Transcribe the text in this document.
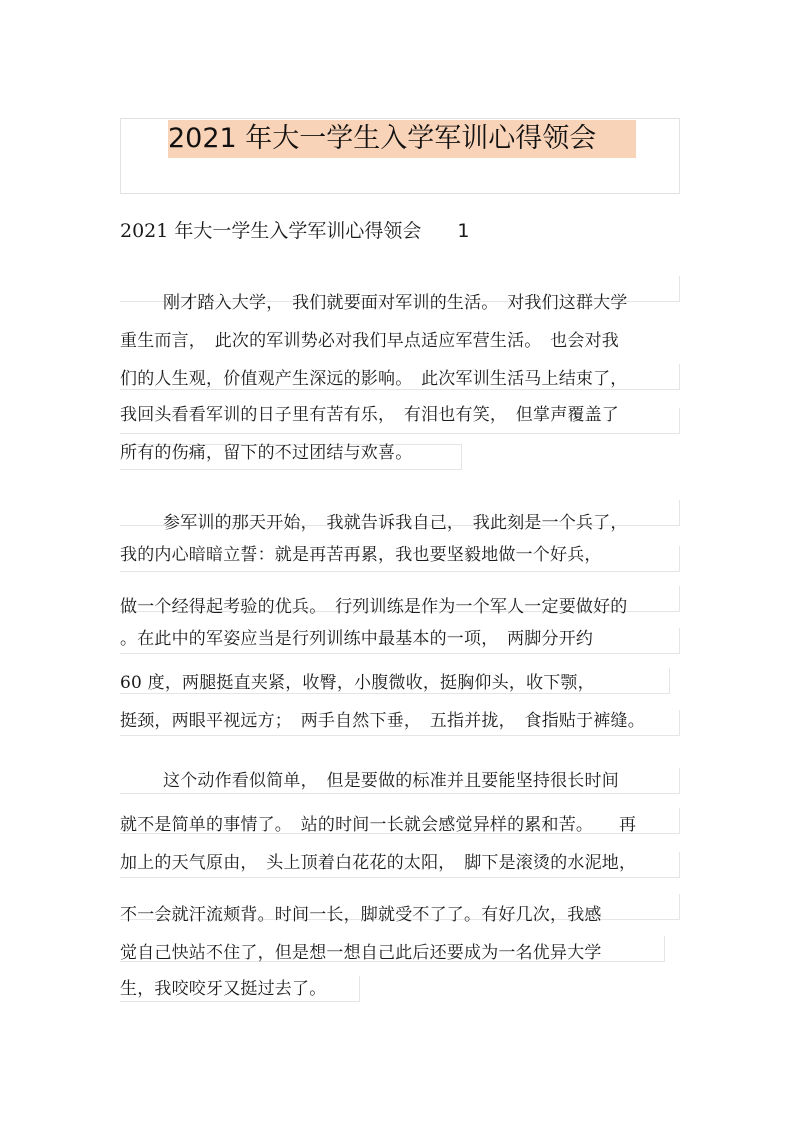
2021 年大一学生入学军训心得领会
2021 年大一学生入学军训心得领会 1
刚才踏入大学，　我们就要面对军训的生活。　对我们这群大学
重生而言，　此次的军训势必对我们早点适应军营生活。　也会对我
们的人生观，价值观产生深远的影响。　此次军训生活马上结束了，
我回头看看军训的日子里有苦有乐，　有泪也有笑，　但掌声覆盖了
所有的伤痛，留下的不过团结与欢喜。
参军训的那天开始，　我就告诉我自己，　我此刻是一个兵了，
我的内心暗暗立誓：就是再苦再累，我也要坚毅地做一个好兵，
做一个经得起考验的优兵。　行列训练是作为一个军人一定要做好的
。在此中的军姿应当是行列训练中最基本的一项，　两脚分开约
60 度，两腿挺直夹紧，收臀，小腹微收，挺胸仰头，收下颚，
挺颈，两眼平视远方；　两手自然下垂，　五指并拢，　食指贴于裤缝。
这个动作看似简单，　但是要做的标准并且要能坚持很长时间
就不是简单的事情了。　站的时间一长就会感觉异样的累和苦。　　再
加上的天气原由，　头上顶着白花花的太阳，　脚下是滚烫的水泥地，
不一会就汗流颊背。时间一长，脚就受不了了。有好几次，我感
觉自己快站不住了，但是想一想自己此后还要成为一名优异大学
生，我咬咬牙又挺过去了。
